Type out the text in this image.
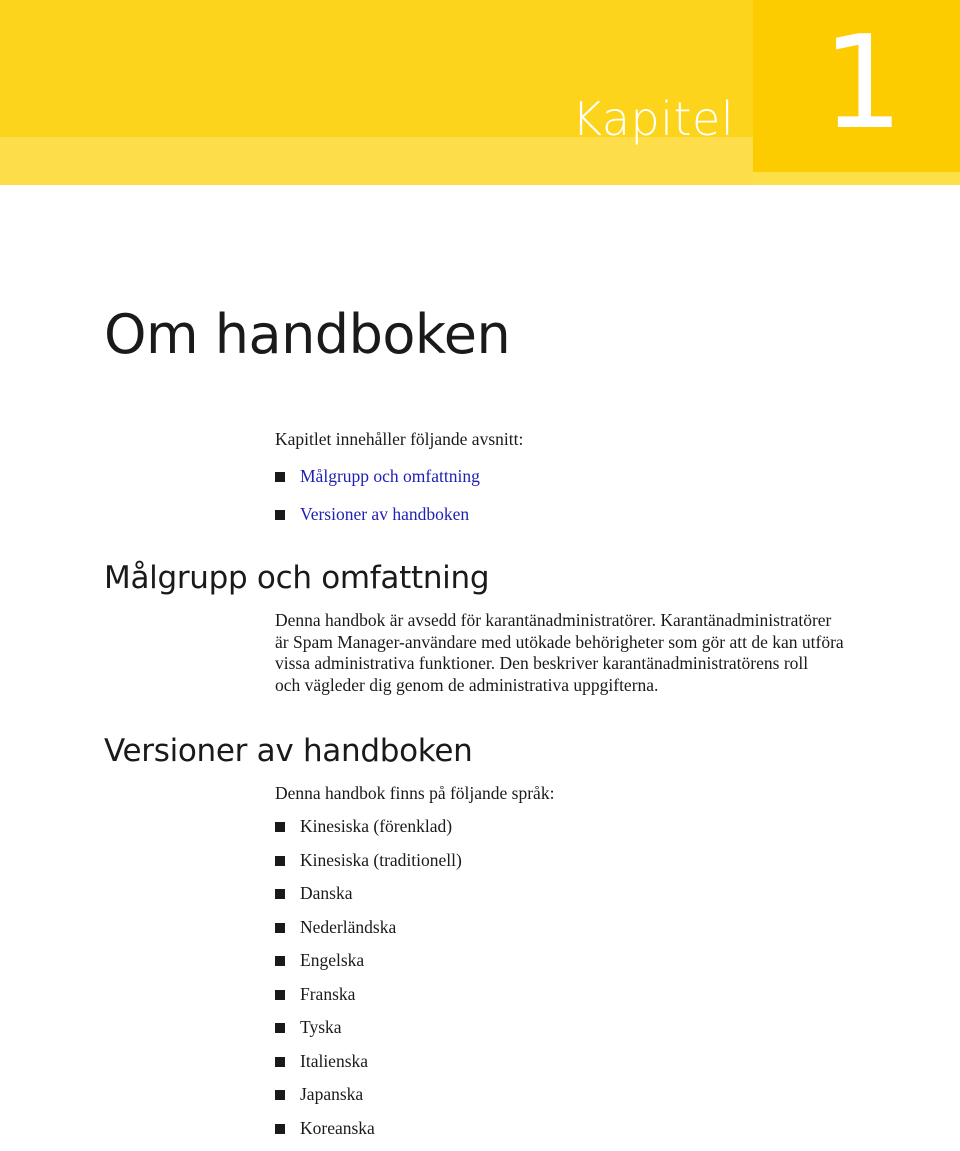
Kapitel 1
Om handboken

Kapitlet innehåller följande avsnitt:

Målgrupp och omfattning
Versioner av handboken
Målgrupp och omfattning
Denna handbok är avsedd för karantänadministratörer. Karantänadministratörer
är Spam Manager-användare med utökade behörigheter som gör att de kan utföra
vissa administrativa funktioner. Den beskriver karantänadministratörens roll
och vägleder dig genom de administrativa uppgifterna.
Versioner av handboken

Denna handbok finns på följande språk:

Kinesiska (förenklad)
Kinesiska (traditionell)
Danska
Nederländska
Engelska
Franska
Tyska
Italienska
Japanska
Koreanska
